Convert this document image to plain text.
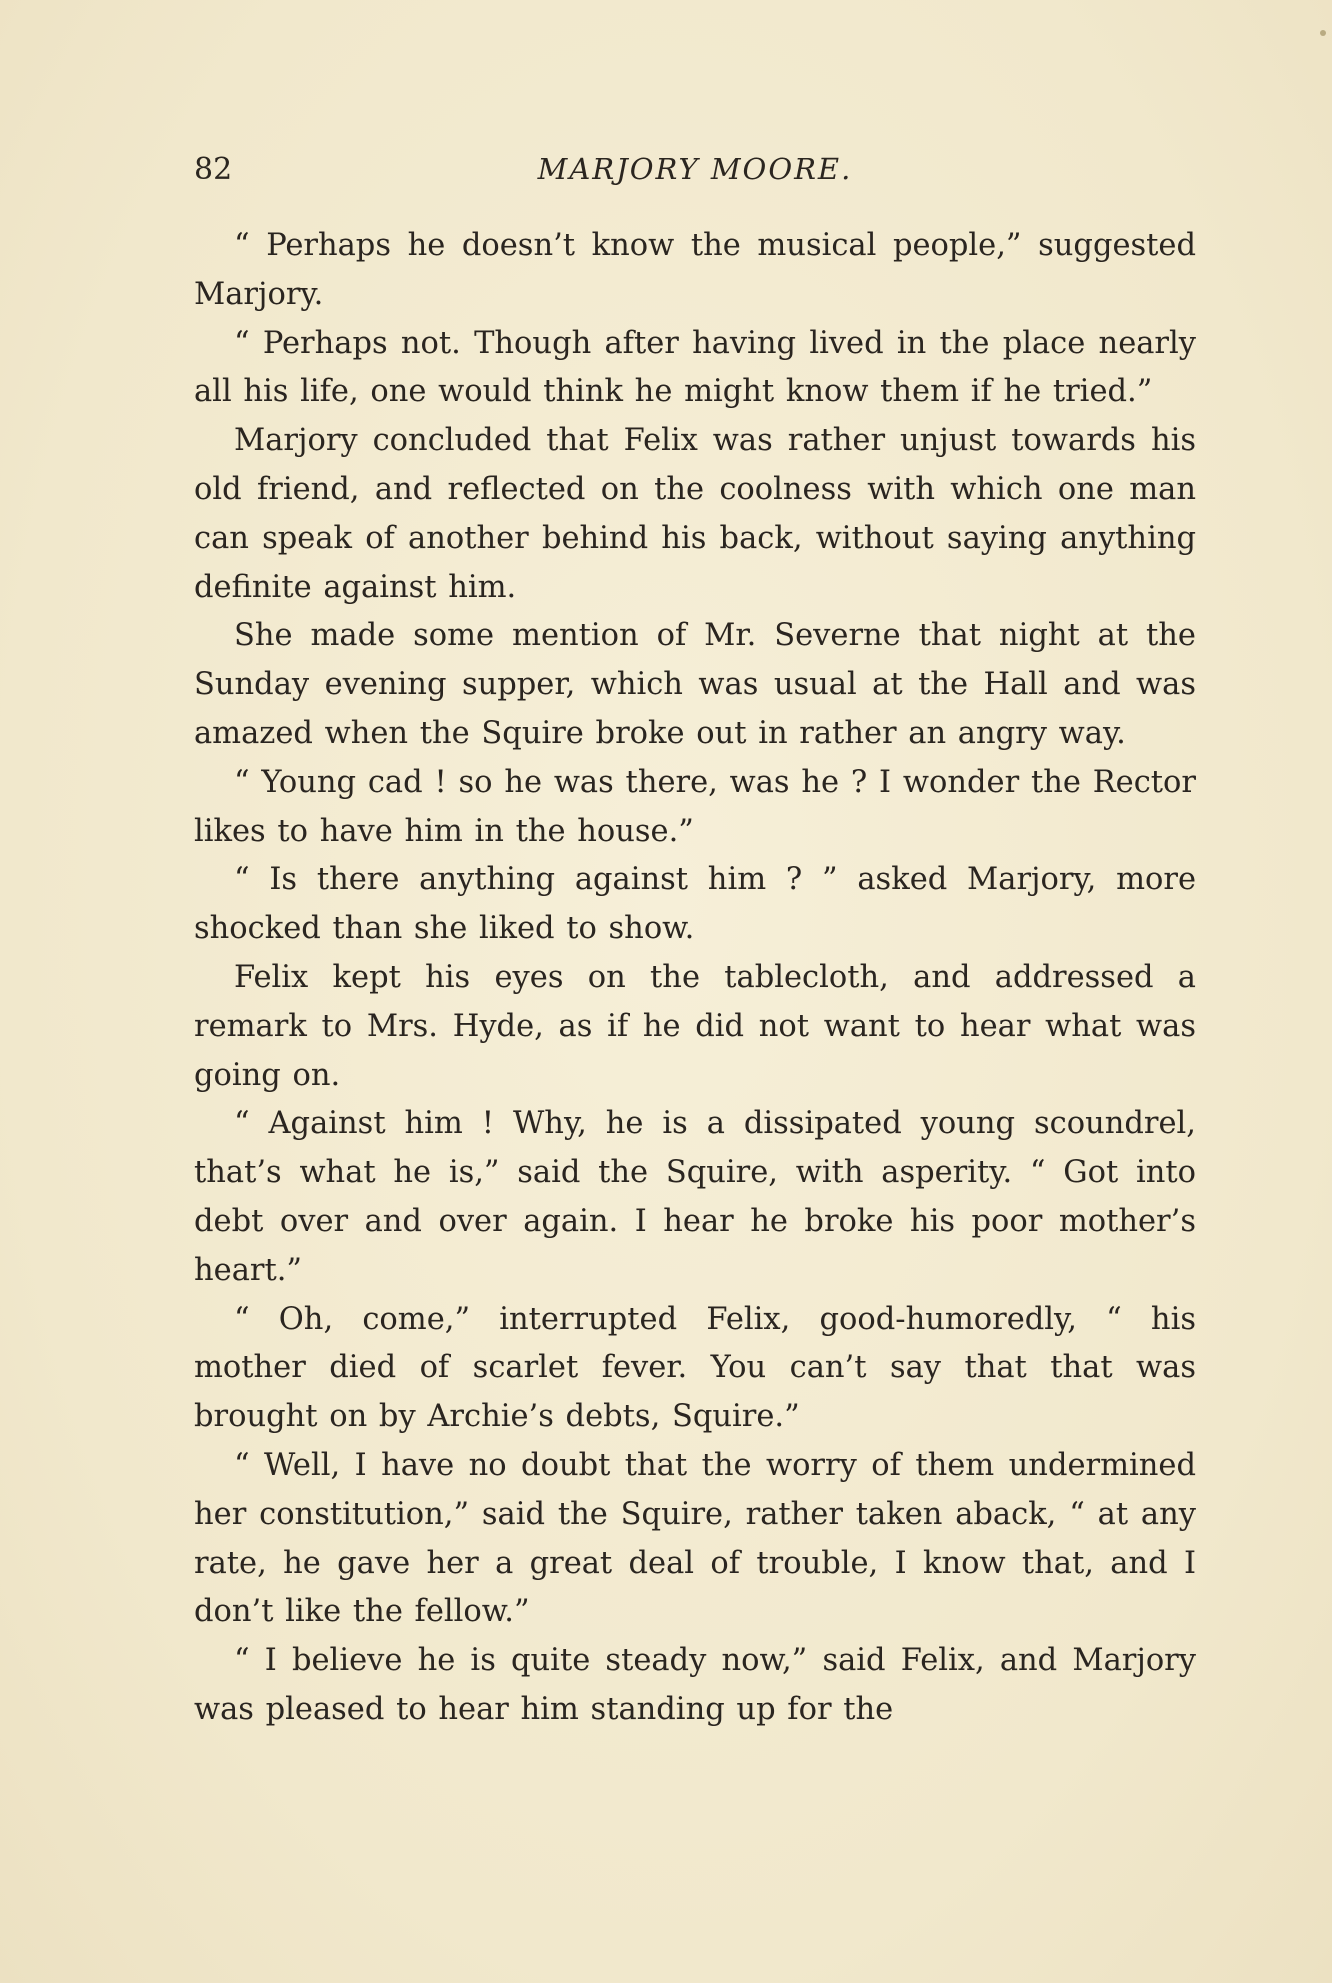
82	MARJORY MOORE.

“ Perhaps he doesn’t know the musical people,” suggested Marjory.

“ Perhaps not. Though after having lived in the place nearly all his life, one would think he might know them if he tried.”

Marjory concluded that Felix was rather unjust towards his old friend, and reflected on the coolness with which one man can speak of another behind his back, without saying anything definite against him.

She made some mention of Mr. Severne that night at the Sunday evening supper, which was usual at the Hall and was amazed when the Squire broke out in rather an angry way.

“ Young cad ! so he was there, was he ? I wonder the Rector likes to have him in the house.”

“ Is there anything against him ? ” asked Marjory, more shocked than she liked to show.

Felix kept his eyes on the tablecloth, and addressed a remark to Mrs. Hyde, as if he did not want to hear what was going on.

“ Against him ! Why, he is a dissipated young scoundrel, that’s what he is,” said the Squire, with asperity. “ Got into debt over and over again. I hear he broke his poor mother’s heart.”

“ Oh, come,” interrupted Felix, good-humoredly, “ his mother died of scarlet fever. You can’t say that that was brought on by Archie’s debts, Squire.”

“ Well, I have no doubt that the worry of them undermined her constitution,” said the Squire, rather taken aback, “ at any rate, he gave her a great deal of trouble, I know that, and I don’t like the fellow.”

“ I believe he is quite steady now,” said Felix, and Marjory was pleased to hear him standing up for the
